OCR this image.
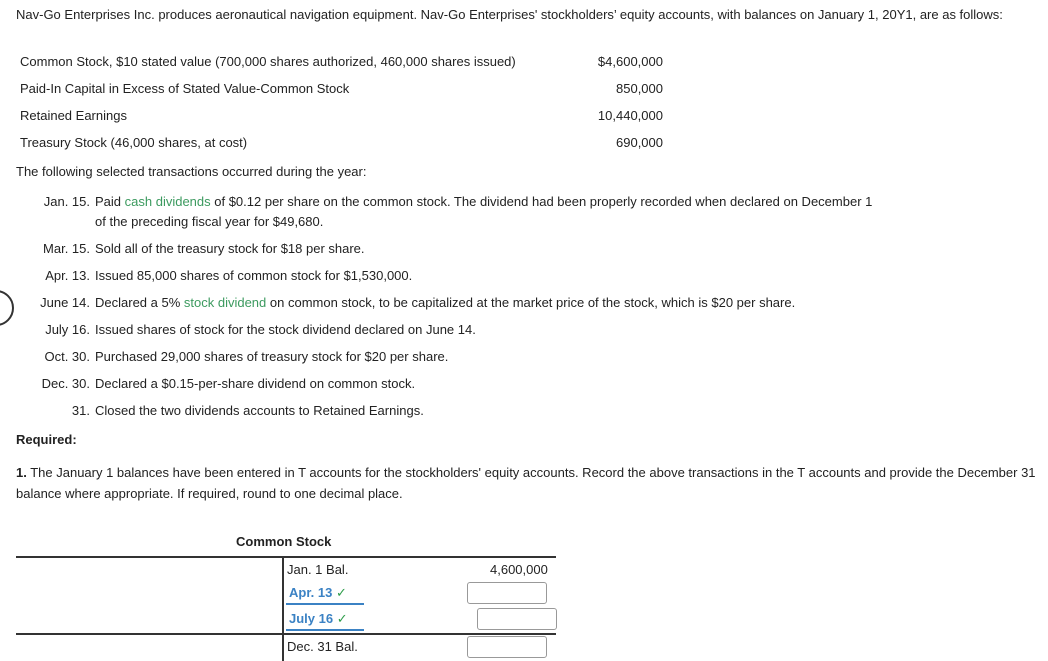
Nav-Go Enterprises Inc. produces aeronautical navigation equipment. Nav-Go Enterprises' stockholders’ equity accounts, with balances on January 1, 20Y1, are as follows:
Common Stock, $10 stated value (700,000 shares authorized, 460,000 shares issued)	$4,600,000
Paid-In Capital in Excess of Stated Value-Common Stock	850,000
Retained Earnings	10,440,000
Treasury Stock (46,000 shares, at cost)	690,000
The following selected transactions occurred during the year:
Jan. 15. Paid cash dividends of $0.12 per share on the common stock. The dividend had been properly recorded when declared on December 1
of the preceding fiscal year for $49,680.
Mar. 15. Sold all of the treasury stock for $18 per share.
Apr. 13. Issued 85,000 shares of common stock for $1,530,000.
June 14. Declared a 5% stock dividend on common stock, to be capitalized at the market price of the stock, which is $20 per share.
July 16. Issued shares of stock for the stock dividend declared on June 14.
Oct. 30. Purchased 29,000 shares of treasury stock for $20 per share.
Dec. 30. Declared a $0.15-per-share dividend on common stock.
31. Closed the two dividends accounts to Retained Earnings.
Required:
1. The January 1 balances have been entered in T accounts for the stockholders' equity accounts. Record the above transactions in the T accounts and provide the December 31 balance where appropriate. If required, round to one decimal place.
Common Stock
Jan. 1 Bal.	4,600,000
Apr. 13 ✓
July 16 ✓
Dec. 31 Bal.
